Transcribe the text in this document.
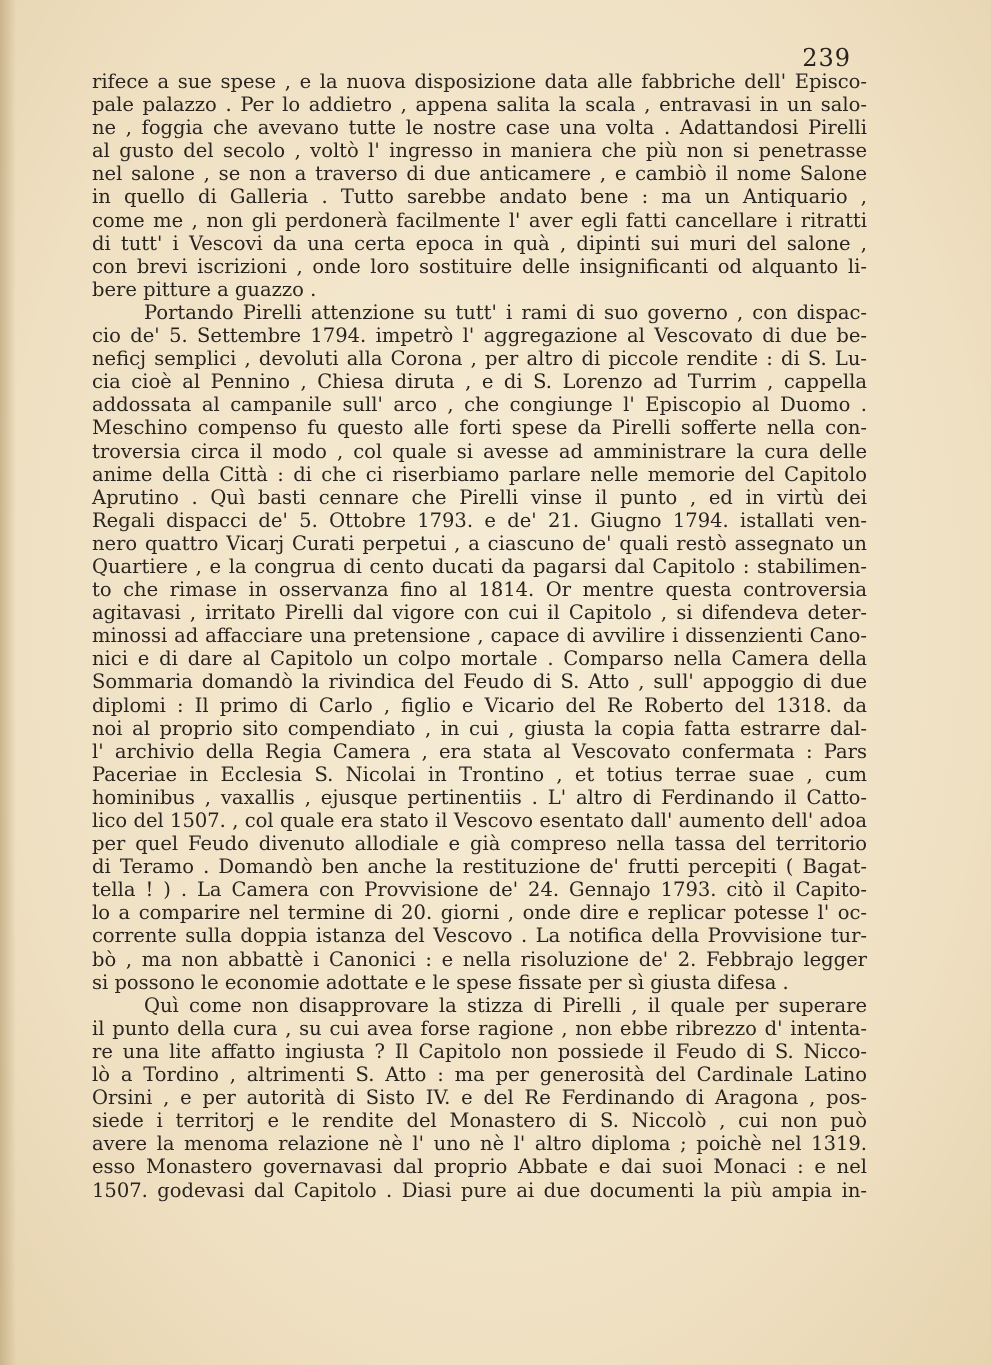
239
rifece a sue spese , e la nuova disposizione data alle fabbriche dell' Episco-
pale palazzo . Per lo addietro , appena salita la scala , entravasi in un salo-
ne , foggia che avevano tutte le nostre case una volta . Adattandosi Pirelli
al gusto del secolo , voltò l' ingresso in maniera che più non si penetrasse
nel salone , se non a traverso di due anticamere , e cambiò il nome Salone
in quello di Galleria . Tutto sarebbe andato bene : ma un Antiquario ,
come me , non gli perdonerà facilmente l' aver egli fatti cancellare i ritratti
di tutt' i Vescovi da una certa epoca in quà , dipinti sui muri del salone ,
con brevi iscrizioni , onde loro sostituire delle insignificanti od alquanto li-
bere pitture a guazzo .
Portando Pirelli attenzione su tutt' i rami di suo governo , con dispac-
cio de' 5. Settembre 1794. impetrò l' aggregazione al Vescovato di due be-
neficj semplici , devoluti alla Corona , per altro di piccole rendite : di S. Lu-
cia cioè al Pennino , Chiesa diruta , e di S. Lorenzo ad Turrim , cappella
addossata al campanile sull' arco , che congiunge l' Episcopio al Duomo .
Meschino compenso fu questo alle forti spese da Pirelli sofferte nella con-
troversia circa il modo , col quale si avesse ad amministrare la cura delle
anime della Città : di che ci riserbiamo parlare nelle memorie del Capitolo
Aprutino . Quì basti cennare che Pirelli vinse il punto , ed in virtù dei
Regali dispacci de' 5. Ottobre 1793. e de' 21. Giugno 1794. istallati ven-
nero quattro Vicarj Curati perpetui , a ciascuno de' quali restò assegnato un
Quartiere , e la congrua di cento ducati da pagarsi dal Capitolo : stabilimen-
to che rimase in osservanza fino al 1814. Or mentre questa controversia
agitavasi , irritato Pirelli dal vigore con cui il Capitolo , si difendeva deter-
minossi ad affacciare una pretensione , capace di avvilire i dissenzienti Cano-
nici e di dare al Capitolo un colpo mortale . Comparso nella Camera della
Sommaria domandò la rivindica del Feudo di S. Atto , sull' appoggio di due
diplomi : Il primo di Carlo , figlio e Vicario del Re Roberto del 1318. da
noi al proprio sito compendiato , in cui , giusta la copia fatta estrarre dal-
l' archivio della Regia Camera , era stata al Vescovato confermata : Pars
Paceriae in Ecclesia S. Nicolai in Trontino , et totius terrae suae , cum
hominibus , vaxallis , ejusque pertinentiis . L' altro di Ferdinando il Catto-
lico del 1507. , col quale era stato il Vescovo esentato dall' aumento dell' adoa
per quel Feudo divenuto allodiale e già compreso nella tassa del territorio
di Teramo . Domandò ben anche la restituzione de' frutti percepiti ( Bagat-
tella ! ) . La Camera con Provvisione de' 24. Gennajo 1793. citò il Capito-
lo a comparire nel termine di 20. giorni , onde dire e replicar potesse l' oc-
corrente sulla doppia istanza del Vescovo . La notifica della Provvisione tur-
bò , ma non abbattè i Canonici : e nella risoluzione de' 2. Febbrajo legger
si possono le economie adottate e le spese fissate per sì giusta difesa .
Quì come non disapprovare la stizza di Pirelli , il quale per superare
il punto della cura , su cui avea forse ragione , non ebbe ribrezzo d' intenta-
re una lite affatto ingiusta ? Il Capitolo non possiede il Feudo di S. Nicco-
lò a Tordino , altrimenti S. Atto : ma per generosità del Cardinale Latino
Orsini , e per autorità di Sisto IV. e del Re Ferdinando di Aragona , pos-
siede i territorj e le rendite del Monastero di S. Niccolò , cui non può
avere la menoma relazione nè l' uno nè l' altro diploma ; poichè nel 1319.
esso Monastero governavasi dal proprio Abbate e dai suoi Monaci : e nel
1507. godevasi dal Capitolo . Diasi pure ai due documenti la più ampia in-
